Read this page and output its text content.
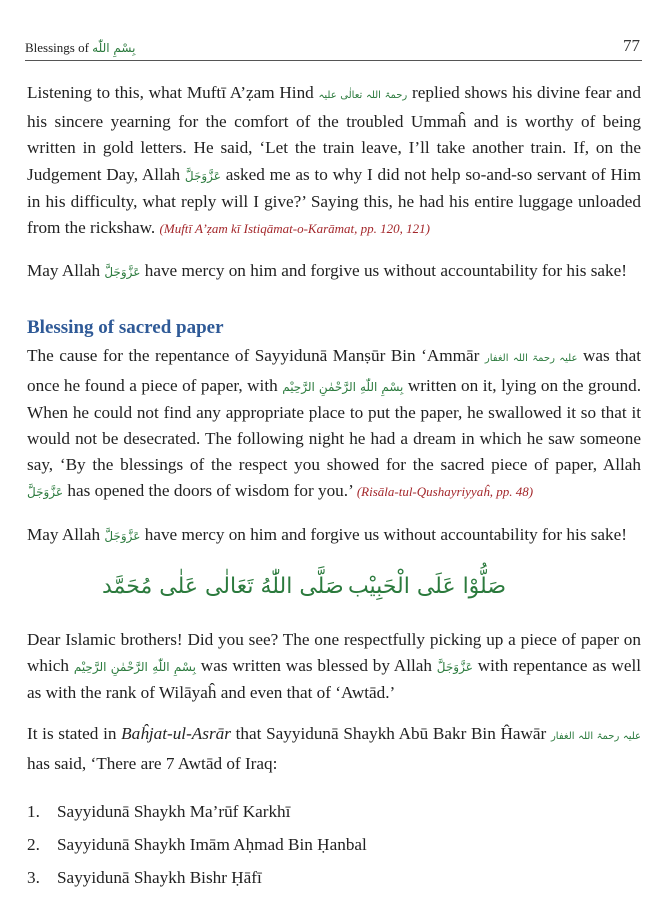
Blessings of بِسْمِ اللّٰه	77

Listening to this, what Muftī A’ẓam Hind رحمۃ اللہ تعالٰی علیہ replied shows his divine fear and his sincere yearning for the comfort of the troubled Ummaĥ and is worthy of being written in gold letters. He said, ‘Let the train leave, I’ll take another train. If, on the Judgement Day, Allah عَزَّوَجَلَّ asked me as to why I did not help so-and-so servant of Him in his difficulty, what reply will I give?’ Saying this, he had his entire luggage unloaded from the rickshaw. (Muftī A’ẓam kī Istiqāmat-o-Karāmat, pp. 120, 121)

May Allah عَزَّوَجَلَّ have mercy on him and forgive us without accountability for his sake!

Blessing of sacred paper

The cause for the repentance of Sayyidunā Manṣūr Bin ‘Ammār علیہ رحمۃ اللہ الغفار was that once he found a piece of paper, with بِسْمِ اللّٰهِ الرَّحْمٰنِ الرَّحِيْم written on it, lying on the ground. When he could not find any appropriate place to put the paper, he swallowed it so that it would not be desecrated. The following night he had a dream in which he saw someone say, ‘By the blessings of the respect you showed for the sacred piece of paper, Allah عَزَّوَجَلَّ has opened the doors of wisdom for you.’ (Risāla-tul-Qushayriyyaĥ, pp. 48)

May Allah عَزَّوَجَلَّ have mercy on him and forgive us without accountability for his sake!

صَلُّوْا عَلَى الْحَبِيْب صَلَّى اللّٰهُ تَعَالٰى عَلٰى مُحَمَّد

Dear Islamic brothers! Did you see? The one respectfully picking up a piece of paper on which بِسْمِ اللّٰهِ الرَّحْمٰنِ الرَّحِيْم was written was blessed by Allah عَزَّوَجَلَّ with repentance as well as with the rank of Wilāyaĥ and even that of ‘Awtād.’

It is stated in Baĥjat-ul-Asrār that Sayyidunā Shaykh Abū Bakr Bin Ĥawār علیہ رحمۃ اللہ الغفار has said, ‘There are 7 Awtād of Iraq:

1. Sayyidunā Shaykh Ma’rūf Karkhī
2. Sayyidunā Shaykh Imām Aḥmad Bin Ḥanbal
3. Sayyidunā Shaykh Bishr Ḥāfī
